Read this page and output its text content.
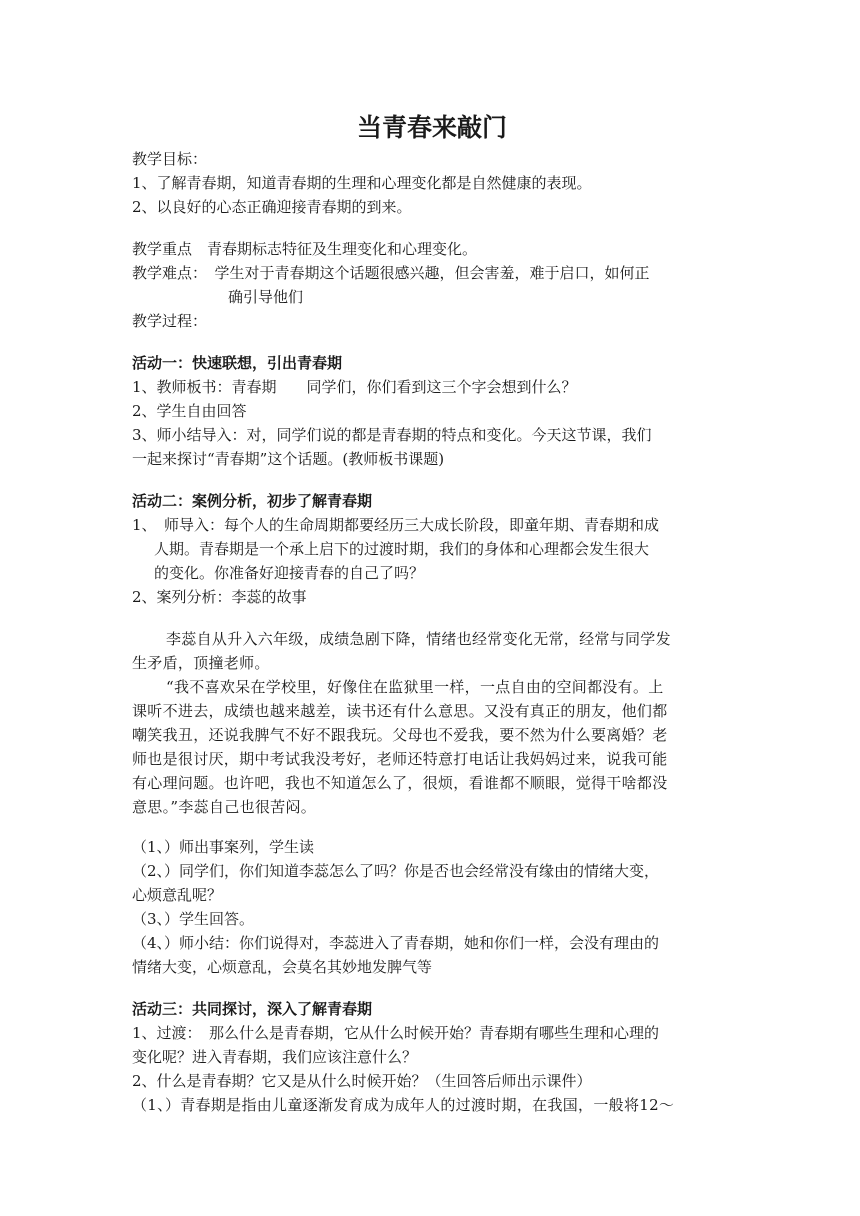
当青春来敲门
教学目标：
1、了解青春期，知道青春期的生理和心理变化都是自然健康的表现。
2、以良好的心态正确迎接青春期的到来。
教学重点　青春期标志特征及生理变化和心理变化。
教学难点：　学生对于青春期这个话题很感兴趣，但会害羞，难于启口，如何正
确引导他们
教学过程：
活动一：快速联想，引出青春期
1、教师板书：青春期　　同学们，你们看到这三个字会想到什么？
2、学生自由回答
3、师小结导入：对，同学们说的都是青春期的特点和变化。今天这节课，我们
一起来探讨“青春期”这个话题。(教师板书课题)
活动二：案例分析，初步了解青春期
1、　师导入：每个人的生命周期都要经历三大成长阶段，即童年期、青春期和成
人期。青春期是一个承上启下的过渡时期，我们的身体和心理都会发生很大
的变化。你准备好迎接青春的自己了吗？
2、案列分析：李蕊的故事
李蕊自从升入六年级，成绩急剧下降，情绪也经常变化无常，经常与同学发
生矛盾，顶撞老师。
“我不喜欢呆在学校里，好像住在监狱里一样，一点自由的空间都没有。上
课听不进去，成绩也越来越差，读书还有什么意思。又没有真正的朋友，他们都
嘲笑我丑，还说我脾气不好不跟我玩。父母也不爱我，要不然为什么要离婚？老
师也是很讨厌，期中考试我没考好，老师还特意打电话让我妈妈过来，说我可能
有心理问题。也许吧，我也不知道怎么了，很烦，看谁都不顺眼，觉得干啥都没
意思。”李蕊自己也很苦闷。
（1、）师出事案列，学生读
（2、）同学们，你们知道李蕊怎么了吗？你是否也会经常没有缘由的情绪大变，
心烦意乱呢？
（3、）学生回答。
（4、）师小结：你们说得对，李蕊进入了青春期，她和你们一样，会没有理由的
情绪大变，心烦意乱，会莫名其妙地发脾气等
活动三：共同探讨，深入了解青春期
1、过渡：　那么什么是青春期，它从什么时候开始？青春期有哪些生理和心理的
变化呢？进入青春期，我们应该注意什么？
2、什么是青春期？它又是从什么时候开始？（生回答后师出示课件）
（1、）青春期是指由儿童逐渐发育成为成年人的过渡时期，在我国，一般将12～
